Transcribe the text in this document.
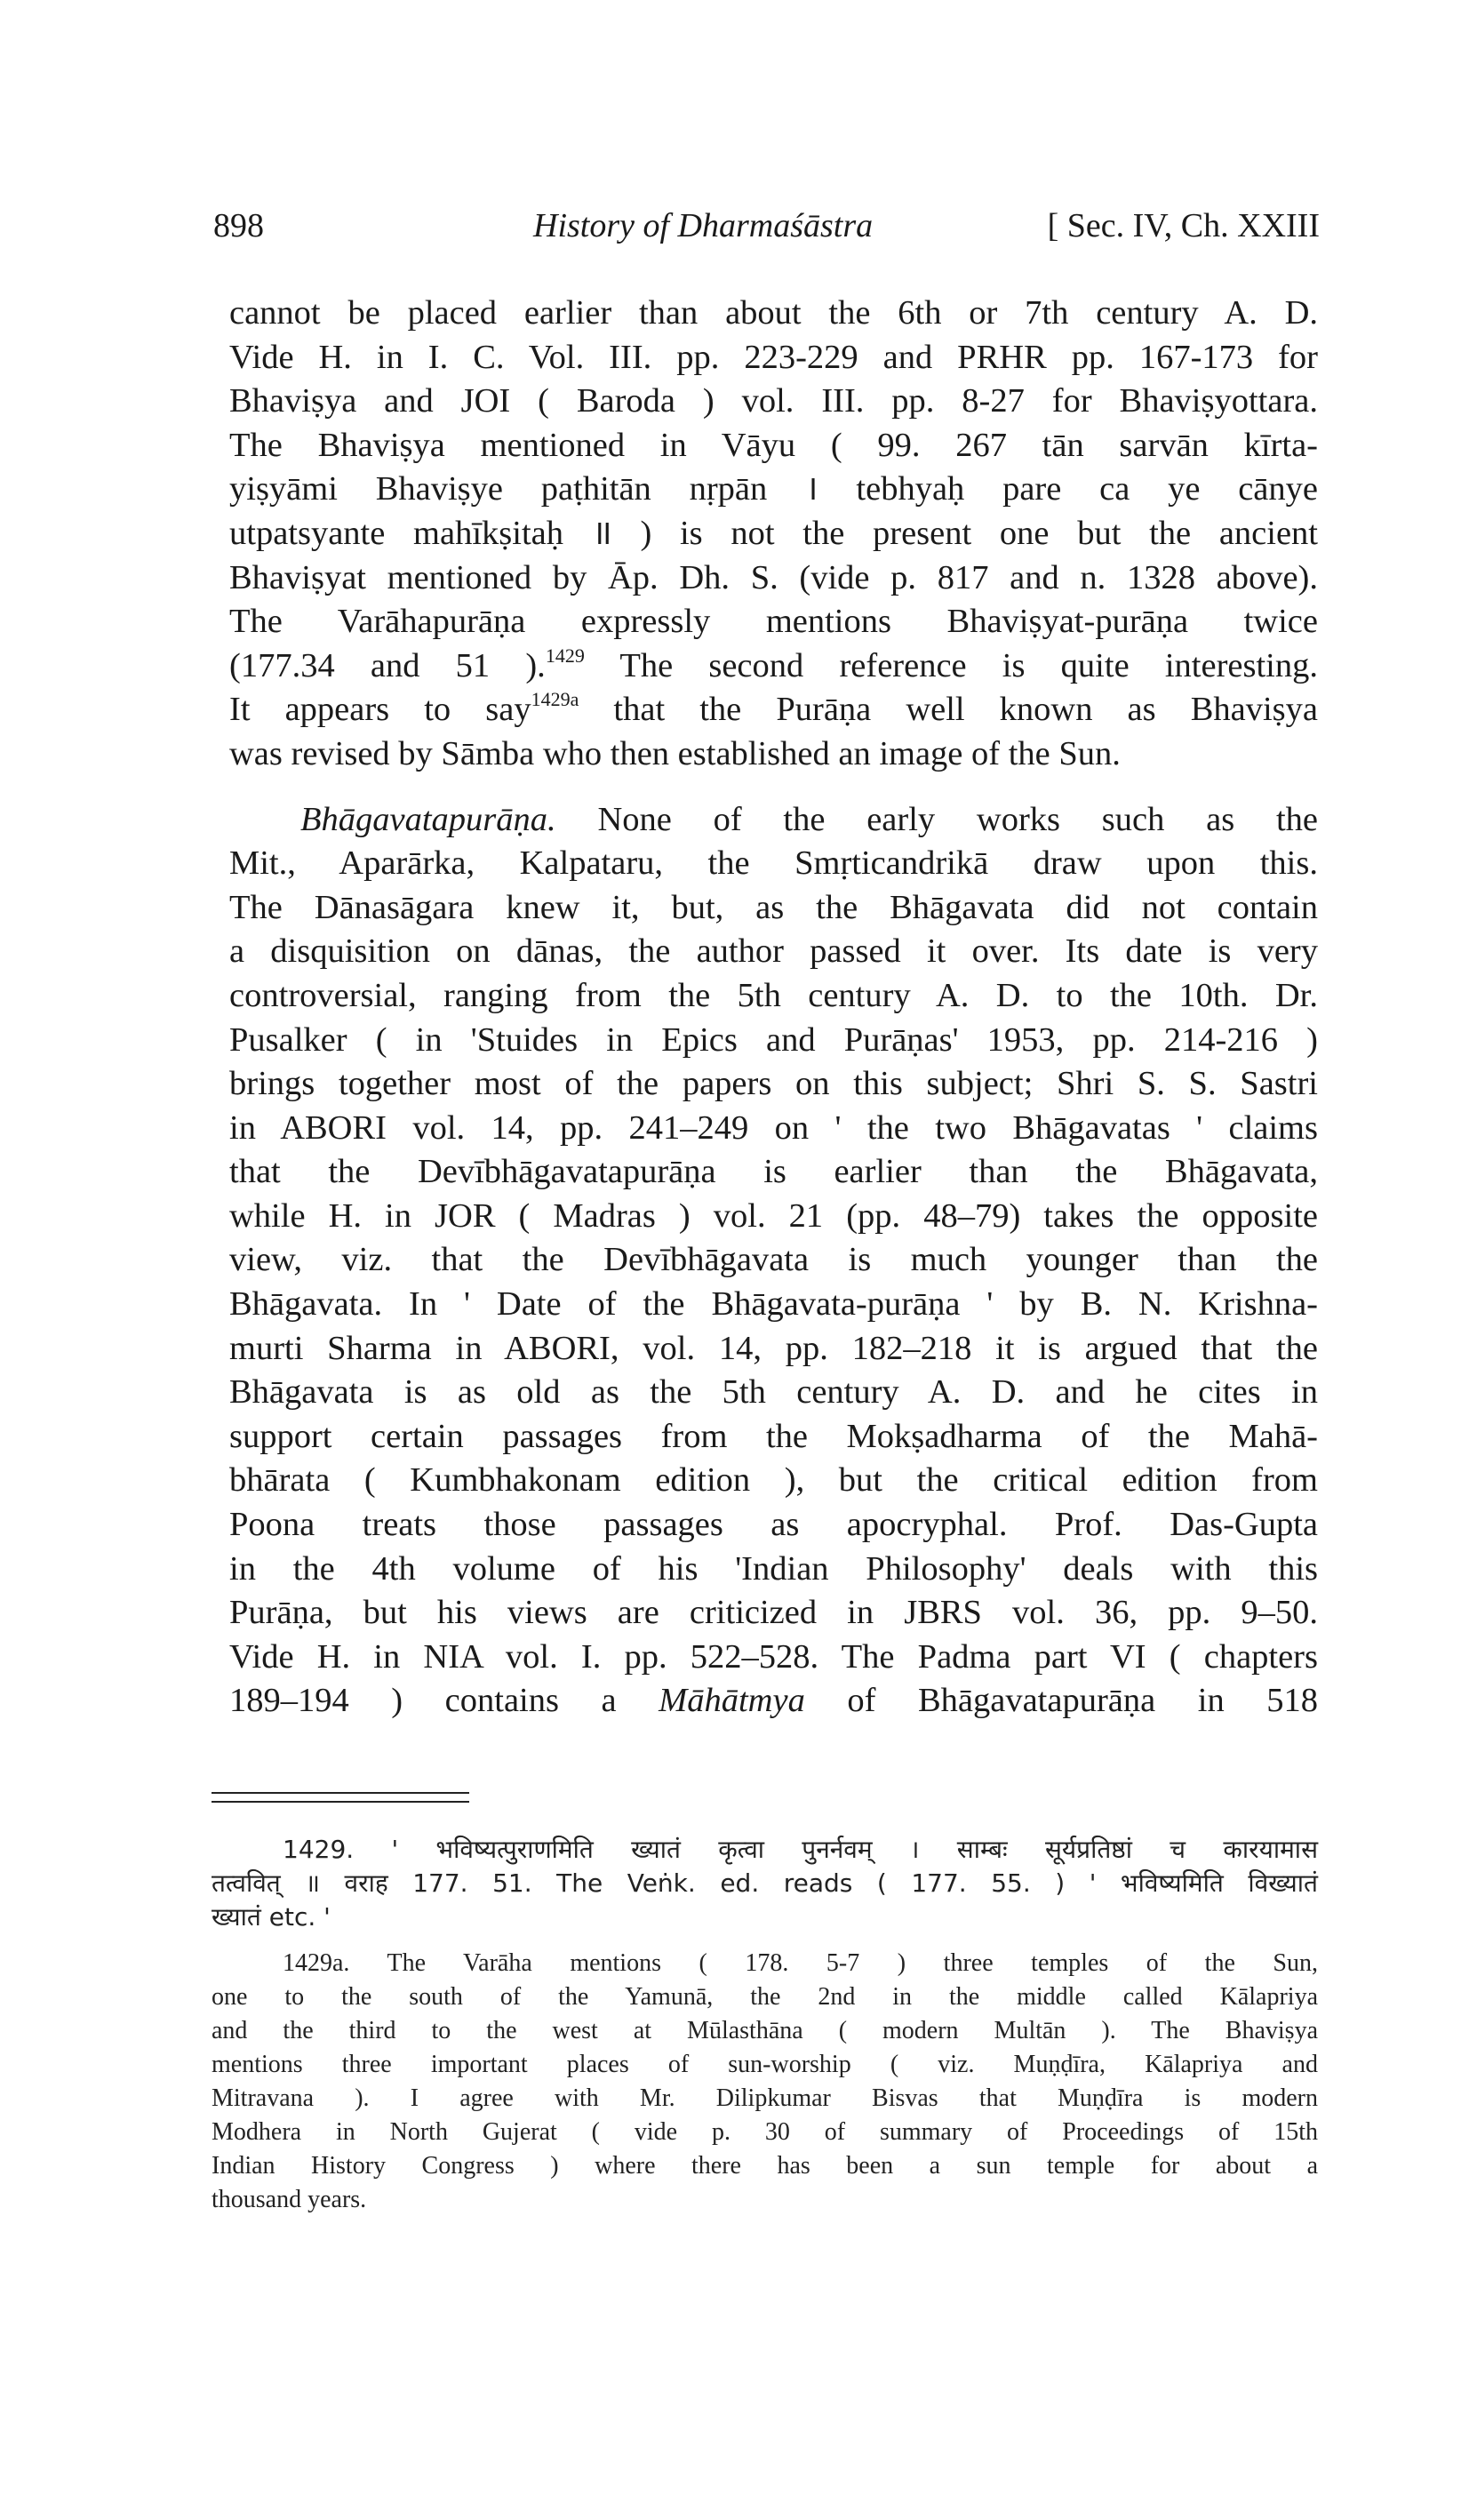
898	History of Dharmaśāstra	[ Sec. IV, Ch. XXIII
cannot be placed earlier than about the 6th or 7th century A. D.
Vide H. in I. C. Vol. III. pp. 223-229 and PRHR pp. 167-173 for
Bhaviṣya and JOI ( Baroda ) vol. III. pp. 8-27 for Bhaviṣyottara.
The Bhaviṣya mentioned in Vāyu ( 99. 267 tān sarvān kīrta-
yiṣyāmi Bhaviṣye paṭhitān nṛpān । tebhyaḥ pare ca ye cānye
utpatsyante mahīkṣitaḥ ॥ ) is not the present one but the ancient
Bhaviṣyat mentioned by Āp. Dh. S. (vide p. 817 and n. 1328 above).
The Varāhapurāṇa expressly mentions Bhaviṣyat-purāṇa twice
(177.34 and 51 ).$^{1429}$ The second reference is quite interesting.
It appears to say$^{1429a}$ that the Purāṇa well known as Bhaviṣya
was revised by Sāmba who then established an image of the Sun.
Bhāgavatapurāṇa. None of the early works such as the
Mit., Aparārka, Kalpataru, the Smṛticandrikā draw upon this.
The Dānasāgara knew it, but, as the Bhāgavata did not contain
a disquisition on dānas, the author passed it over. Its date is very
controversial, ranging from the 5th century A. D. to the 10th. Dr.
Pusalker ( in 'Stuides in Epics and Purāṇas' 1953, pp. 214-216 )
brings together most of the papers on this subject; Shri S. S. Sastri
in ABORI vol. 14, pp. 241–249 on ' the two Bhāgavatas ' claims
that the Devībhāgavatapurāṇa is earlier than the Bhāgavata,
while H. in JOR ( Madras ) vol. 21 (pp. 48–79) takes the opposite
view, viz. that the Devībhāgavata is much younger than the
Bhāgavata. In ' Date of the Bhāgavata-purāṇa ' by B. N. Krishna-
murti Sharma in ABORI, vol. 14, pp. 182–218 it is argued that the
Bhāgavata is as old as the 5th century A. D. and he cites in
support certain passages from the Mokṣadharma of the Mahā-
bhārata ( Kumbhakonam edition ), but the critical edition from
Poona treats those passages as apocryphal. Prof. Das-Gupta
in the 4th volume of his 'Indian Philosophy' deals with this
Purāṇa, but his views are criticized in JBRS vol. 36, pp. 9–50.
Vide H. in NIA vol. I. pp. 522–528. The Padma part VI ( chapters
189–194 ) contains a Māhātmya of Bhāgavatapurāṇa in 518
1429. ' भविष्यत्पुराणमिति ख्यातं कृत्वा पुनर्नवम् । साम्बः सूर्यप्रतिष्ठां च कारयामास
तत्ववित् ॥ वराह 177. 51. The Veṅk. ed. reads ( 177. 55. ) ' भविष्यमिति विख्यातं
ख्यातं etc. '
1429a. The Varāha mentions ( 178. 5-7 ) three temples of the Sun,
one to the south of the Yamunā, the 2nd in the middle called Kālapriya
and the third to the west at Mūlasthāna ( modern Multān ). The Bhaviṣya
mentions three important places of sun-worship ( viz. Muṇḍīra, Kālapriya and
Mitravana ). I agree with Mr. Dilipkumar Bisvas that Muṇḍīra is modern
Modhera in North Gujerat ( vide p. 30 of summary of Proceedings of 15th
Indian History Congress ) where there has been a sun temple for about a
thousand years.
